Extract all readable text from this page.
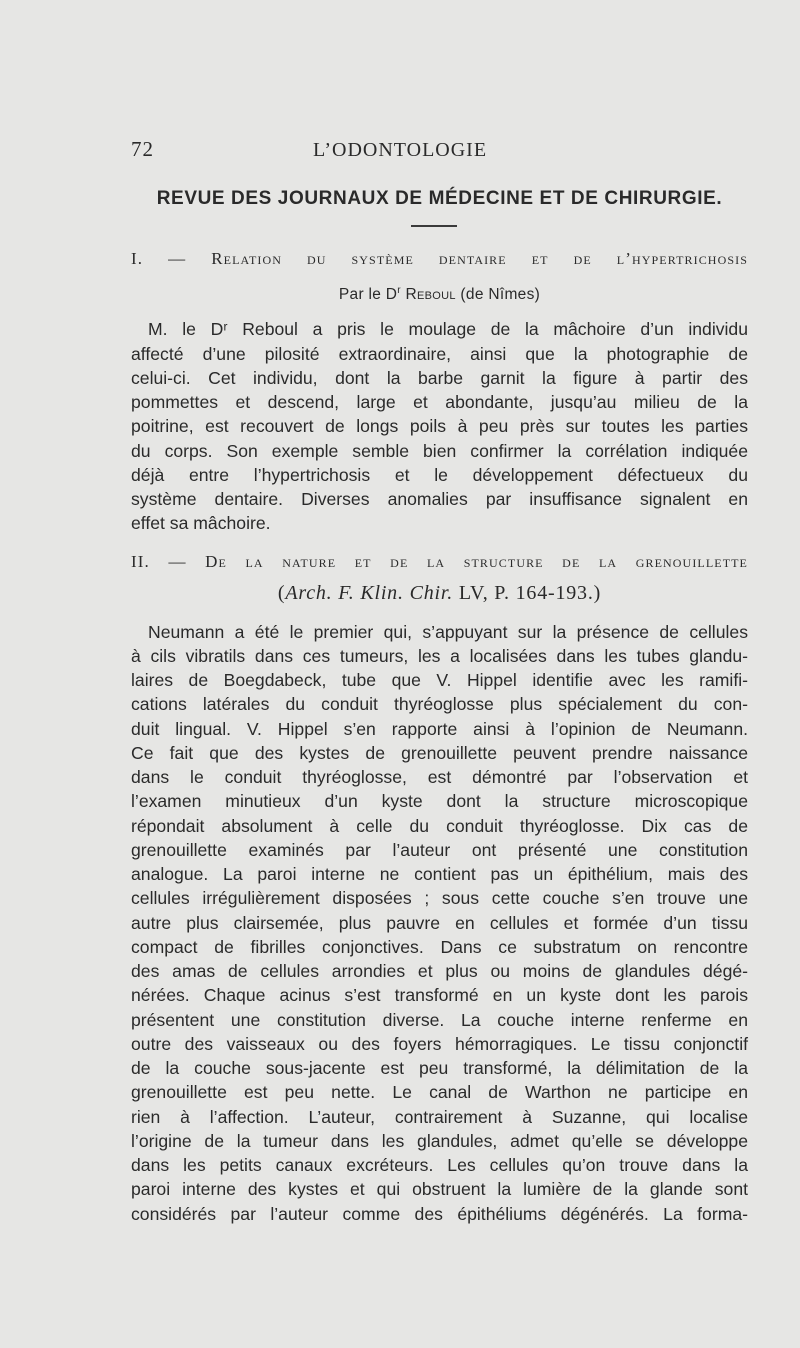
72	L’ODONTOLOGIE
REVUE DES JOURNAUX DE MÉDECINE ET DE CHIRURGIE.
I. — Relation du système dentaire et de l’hypertrichosis
Par le $D^r$ Reboul (de Nîmes)
M. le Dʳ Reboul a pris le moulage de la mâchoire d’un individu
affecté d’une pilosité extraordinaire, ainsi que la photographie de
celui-ci. Cet individu, dont la barbe garnit la figure à partir des
pommettes et descend, large et abondante, jusqu’au milieu de la
poitrine, est recouvert de longs poils à peu près sur toutes les parties
du corps. Son exemple semble bien confirmer la corrélation indiquée
déjà entre l’hypertrichosis et le développement défectueux du
système dentaire. Diverses anomalies par insuffisance signalent en
effet sa mâchoire.
II. — De la nature et de la structure de la grenouillette
(Arch. F. Klin. Chir. LV, P. 164-193.)
Neumann a été le premier qui, s’appuyant sur la présence de cellules
à cils vibratils dans ces tumeurs, les a localisées dans les tubes glandu-
laires de Boegdabeck, tube que V. Hippel identifie avec les ramifi-
cations latérales du conduit thyréoglosse plus spécialement du con-
duit lingual. V. Hippel s’en rapporte ainsi à l’opinion de Neumann.
Ce fait que des kystes de grenouillette peuvent prendre naissance
dans le conduit thyréoglosse, est démontré par l’observation et
l’examen minutieux d’un kyste dont la structure microscopique
répondait absolument à celle du conduit thyréoglosse. Dix cas de
grenouillette examinés par l’auteur ont présenté une constitution
analogue. La paroi interne ne contient pas un épithélium, mais des
cellules irrégulièrement disposées ; sous cette couche s’en trouve une
autre plus clairsemée, plus pauvre en cellules et formée d’un tissu
compact de fibrilles conjonctives. Dans ce substratum on rencontre
des amas de cellules arrondies et plus ou moins de glandules dégé-
nérées. Chaque acinus s’est transformé en un kyste dont les parois
présentent une constitution diverse. La couche interne renferme en
outre des vaisseaux ou des foyers hémorragiques. Le tissu conjonctif
de la couche sous-jacente est peu transformé, la délimitation de la
grenouillette est peu nette. Le canal de Warthon ne participe en
rien à l’affection. L’auteur, contrairement à Suzanne, qui localise
l’origine de la tumeur dans les glandules, admet qu’elle se développe
dans les petits canaux excréteurs. Les cellules qu’on trouve dans la
paroi interne des kystes et qui obstruent la lumière de la glande sont
considérés par l’auteur comme des épithéliums dégénérés. La forma-
